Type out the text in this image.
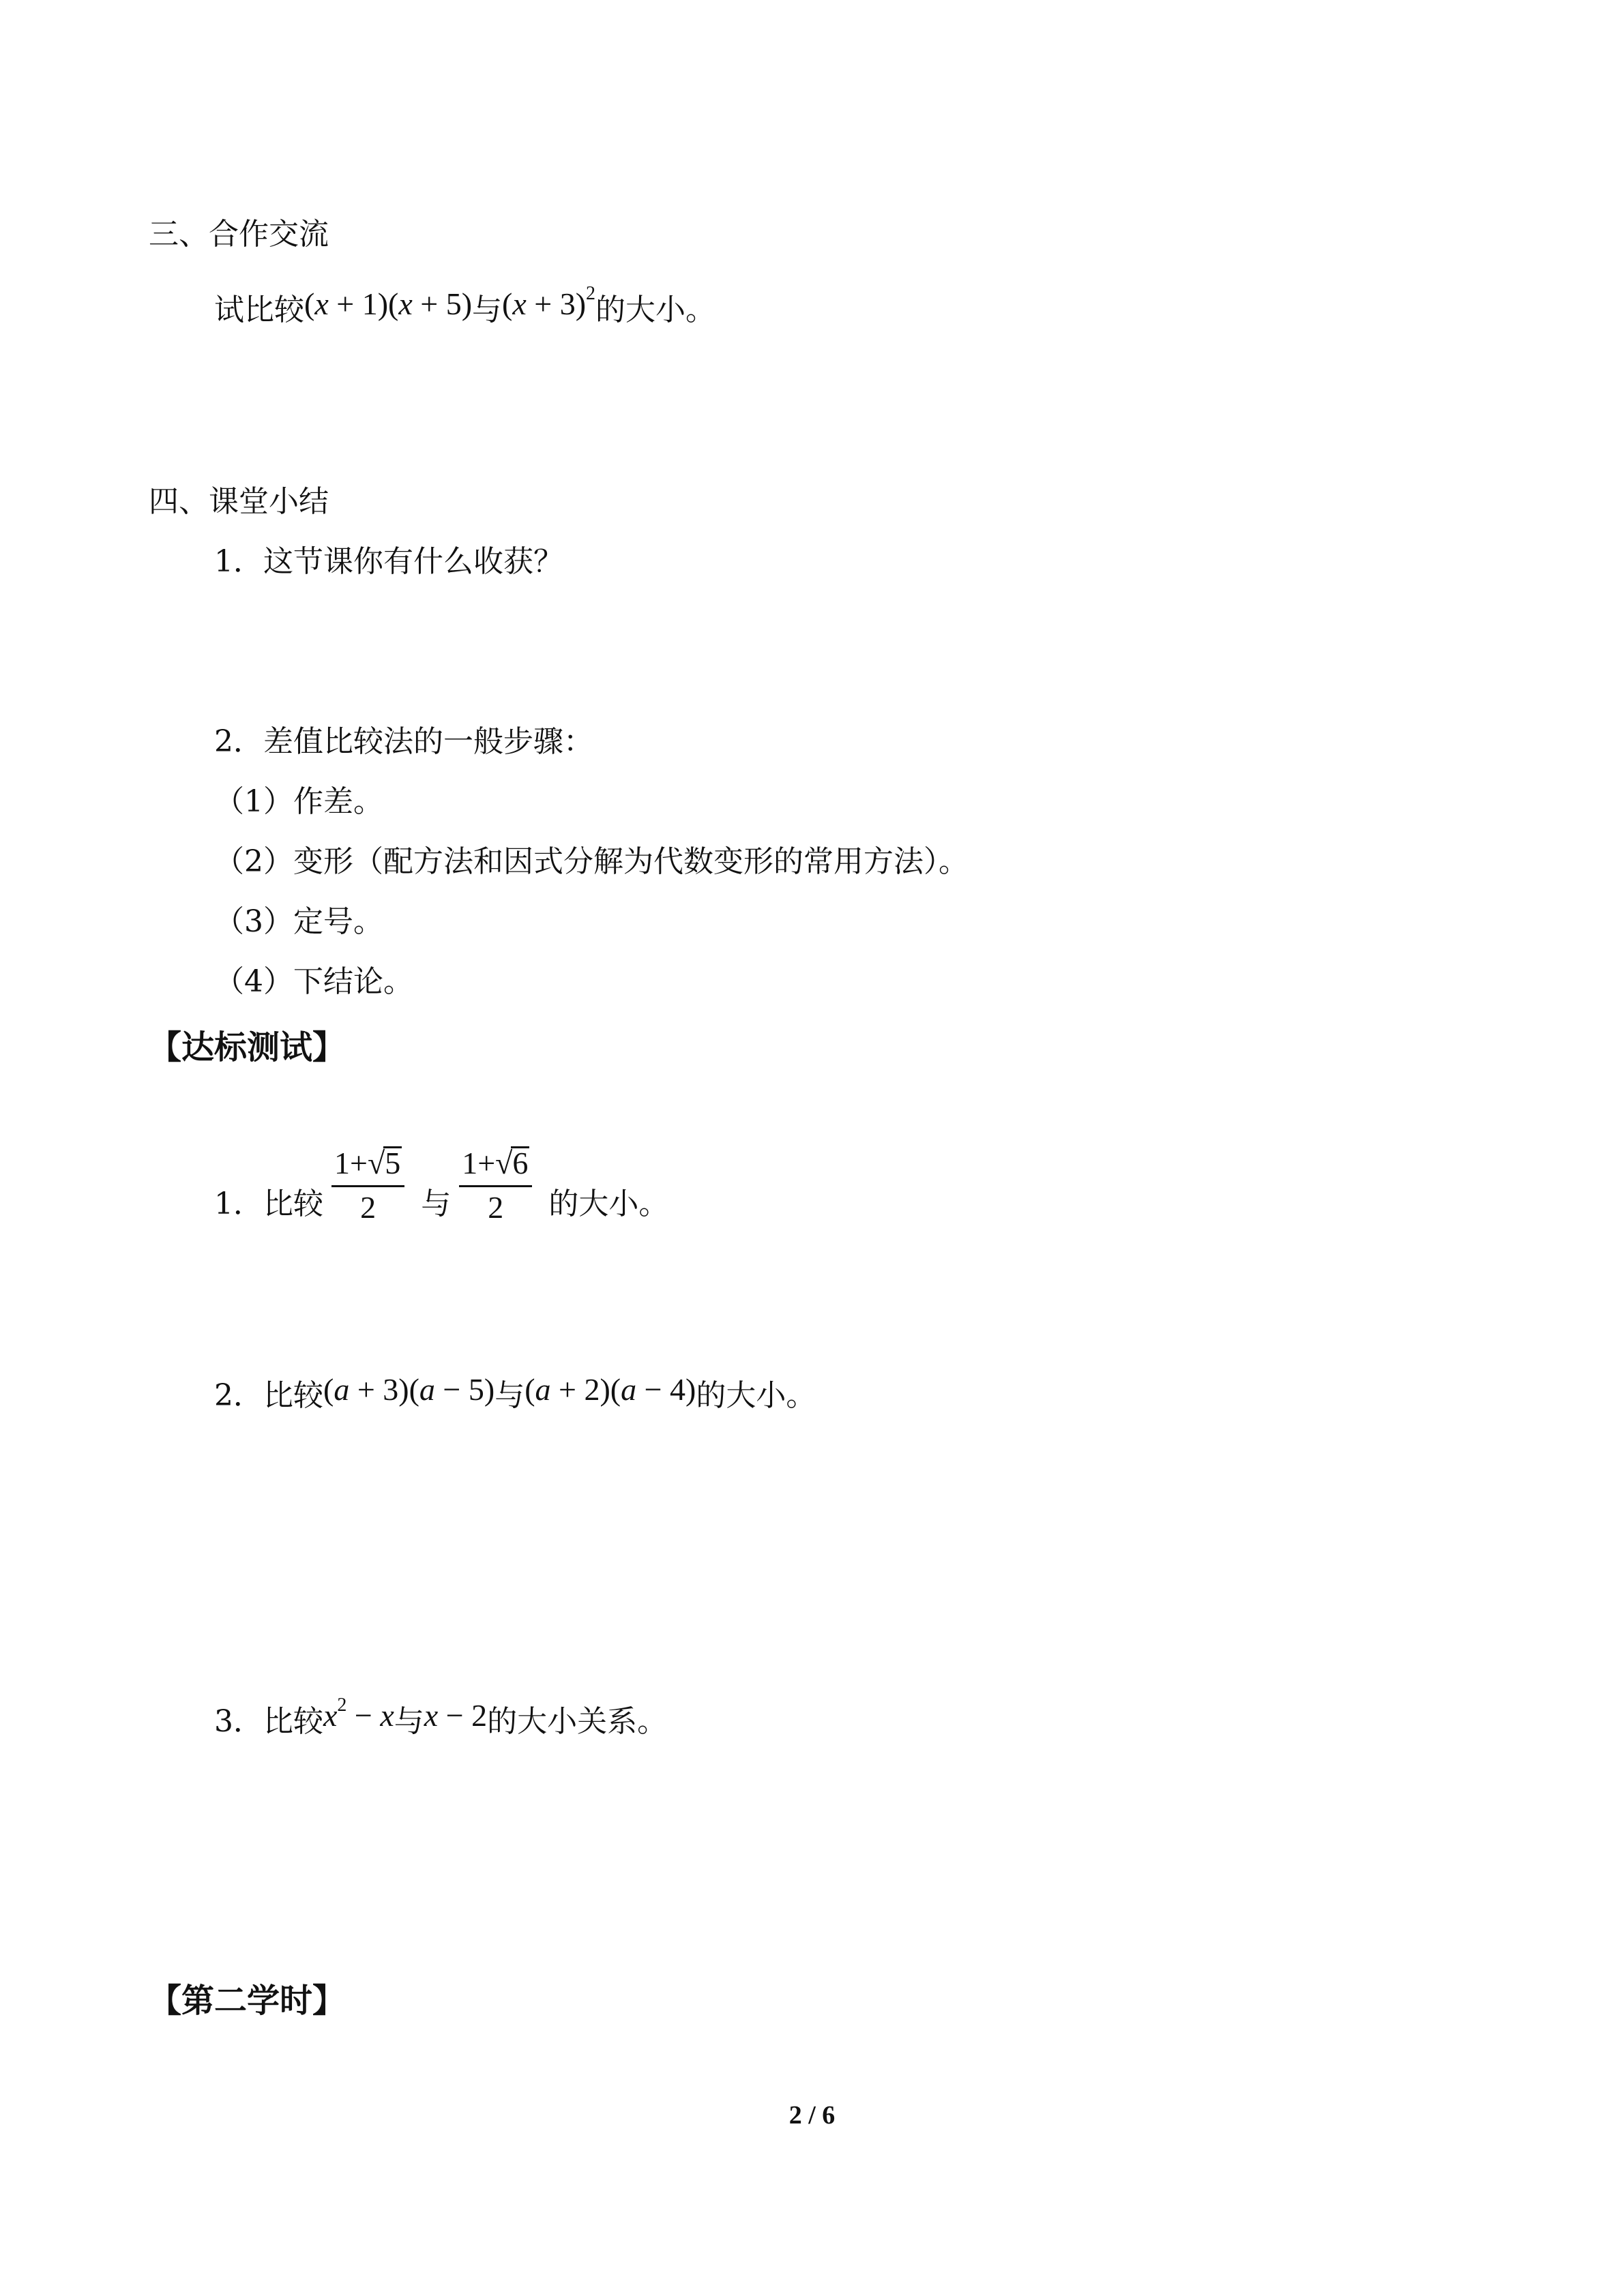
三、合作交流
试比较(x + 1)(x + 5)与$(x + 3)^2$的大小。
四、课堂小结
1．这节课你有什么收获？
2．差值比较法的一般步骤：
（1）作差。
（2）变形（配方法和因式分解为代数变形的常用方法）。
（3）定号。
（4）下结论。
【达标测试】
1．比较 $\frac{1+√5}{2}$ 与 $\frac{1+√6}{2}$ 的大小。
2．比较(a + 3)(a − 5)与(a + 2)(a − 4)的大小。
3．比较$x^2 - x$与x − 2的大小关系。
【第二学时】
2 / 6
